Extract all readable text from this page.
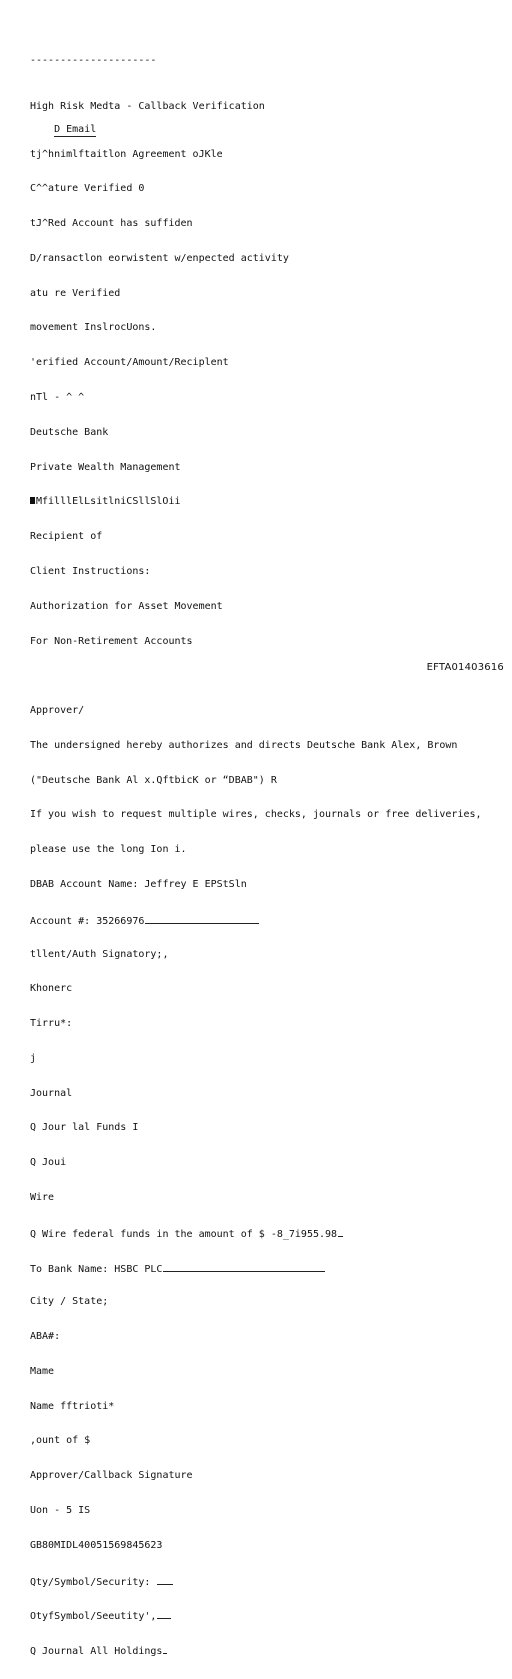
---------------------

High Risk Medta - Callback Verification

D Email

tj^hnimlftaitlon Agreement oJKle

C^^ature Verified 0

tJ^Red Account has suffiden

D/ransactlon eorwistent w/enpected activity

atu re Verified

movement InslrocUons.

'erified Account/Amount/Reciplent

nTl - ^ ^

Deutsche Bank

Private Wealth Management

MfilllElLsitlniCSllSlOii

Recipient of

Client Instructions:

Authorization for Asset Movement

For Non-Retirement Accounts

Approver/

The undersigned hereby authorizes and directs Deutsche Bank Alex, Brown

("Deutsche Bank Al x.QftbicK or “DBAB") R

If you wish to request multiple wires, checks, journals or free deliveries,

please use the long Ion i.

DBAB Account Name: Jeffrey E EPStSln

Account #: 35266976

tllent/Auth Signatory;,

Khonerc

Tirru*:

j

Journal

Q Jour lal Funds I

Q Joui

Wire

Q Wire federal funds in the amount of $ -8_7i955.98

To Bank Name: HSBC PLC

City / State;

ABA#:

Mame

Name fftrioti*

,ount of $

Approver/Callback Signature

Uon - 5 IS

GB80MIDL40051569845623

Qty/Symbol/Security:

OtyfSymbol/Seeutity',

Q Journal All Holdings

EFTA01403616
